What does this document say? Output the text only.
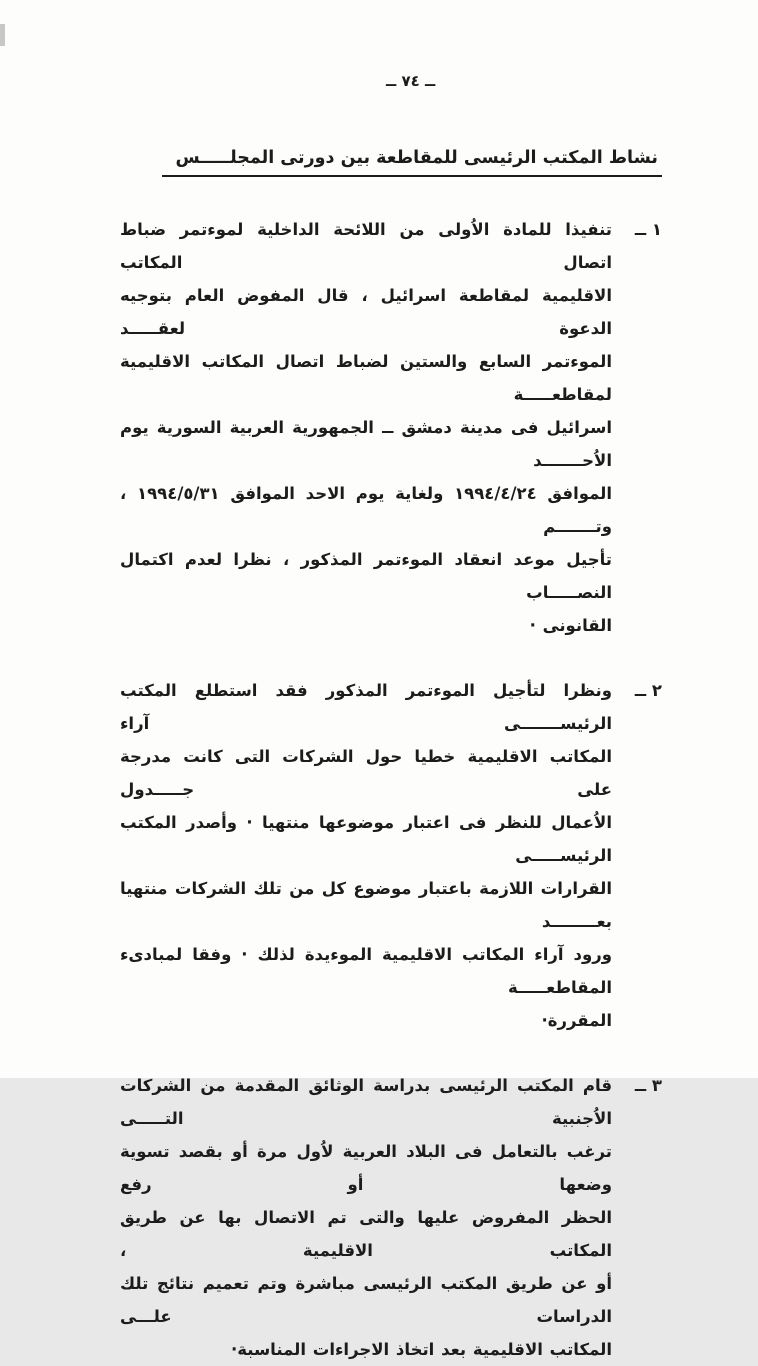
ــ ٧٤ ــ
نشاط المكتب الرئيسى للمقاطعة بين دورتى المجلـــــس
١ ــ
تنفيذا للمادة الاُولى من اللائحة الداخلية لموءتمر ضباط اتصال المكاتب
الاقليمية لمقاطعة اسرائيل ، قال المفوض العام بتوجيه الدعوة لعقـــــد
الموءتمر السابع والستين لضباط اتصال المكاتب الاقليمية لمقاطعـــــة
اسرائيل فى مدينة دمشق ــ الجمهورية العربية السورية يوم الاُحـــــــد
الموافق ١٩٩٤/٤/٢٤ ولغاية يوم الاحد الموافق ١٩٩٤/٥/٣١ ، وتـــــــم
تأجيل موعد انعقاد الموءتمر المذكور ، نظرا لعدم اكتمال النصـــــاب
القانونى ·
٢ ــ
ونظرا لتأجيل الموءتمر المذكور فقد استطلع المكتب الرئيســـــــى آراء
المكاتب الاقليمية خطيا حول الشركات التى كانت مدرجة على جـــــدول
الاُعمال للنظر فى اعتبار موضوعها منتهيا · وأصدر المكتب الرئيســـــى
القرارات اللازمة باعتبار موضوع كل من تلك الشركات منتهيا بعــــــــد
ورود آراء المكاتب الاقليمية الموءيدة لذلك · وفقا لمبادىء المقاطعـــــة
المقررة·
٣ ــ
قام المكتب الرئيسى بدراسة الوثائق المقدمة من الشركات الاُجنبية التـــــى
ترغب بالتعامل فى البلاد العربية لاُول مرة أو بقصد تسوية وضعها أو رفع
الحظر المفروض عليها والتى تم الاتصال بها عن طريق المكاتب الاقليمية ،
أو عن طريق المكتب الرئيسى مباشرة وتم تعميم نتائج تلك الدراسات علـــى
المكاتب الاقليمية بعد اتخاذ الاجراءات المناسبة·
